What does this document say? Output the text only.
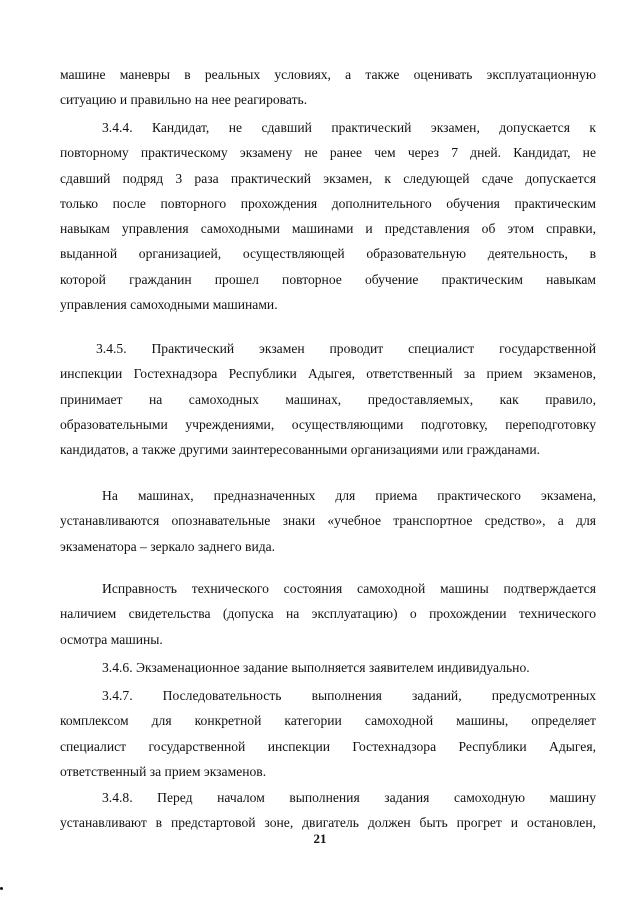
машине маневры в реальных условиях, а также оценивать эксплуатационную
ситуацию и правильно на нее реагировать.

3.4.4. Кандидат, не сдавший практический экзамен, допускается к
повторному практическому экзамену не ранее чем через 7 дней. Кандидат, не
сдавший подряд 3 раза практический экзамен, к следующей сдаче допускается
только после повторного прохождения дополнительного обучения практическим
навыкам управления самоходными машинами и представления об этом справки,
выданной организацией, осуществляющей образовательную деятельность, в
которой гражданин прошел повторное обучение практическим навыкам
управления самоходными машинами.

3.4.5. Практический экзамен проводит специалист государственной
инспекции Гостехнадзора Республики Адыгея, ответственный за прием экзаменов,
принимает на самоходных машинах, предоставляемых, как правило,
образовательными учреждениями, осуществляющими подготовку, переподготовку
кандидатов, а также другими заинтересованными организациями или гражданами.

На машинах, предназначенных для приема практического экзамена,
устанавливаются опознавательные знаки «учебное транспортное средство», а для
экзаменатора – зеркало заднего вида.

Исправность технического состояния самоходной машины подтверждается
наличием свидетельства (допуска на эксплуатацию) о прохождении технического
осмотра машины.

3.4.6. Экзаменационное задание выполняется заявителем индивидуально.

3.4.7. Последовательность выполнения заданий, предусмотренных
комплексом для конкретной категории самоходной машины, определяет
специалист государственной инспекции Гостехнадзора Республики Адыгея,
ответственный за прием экзаменов.

3.4.8. Перед началом выполнения задания самоходную машину
устанавливают в предстартовой зоне, двигатель должен быть прогрет и остановлен,

21
